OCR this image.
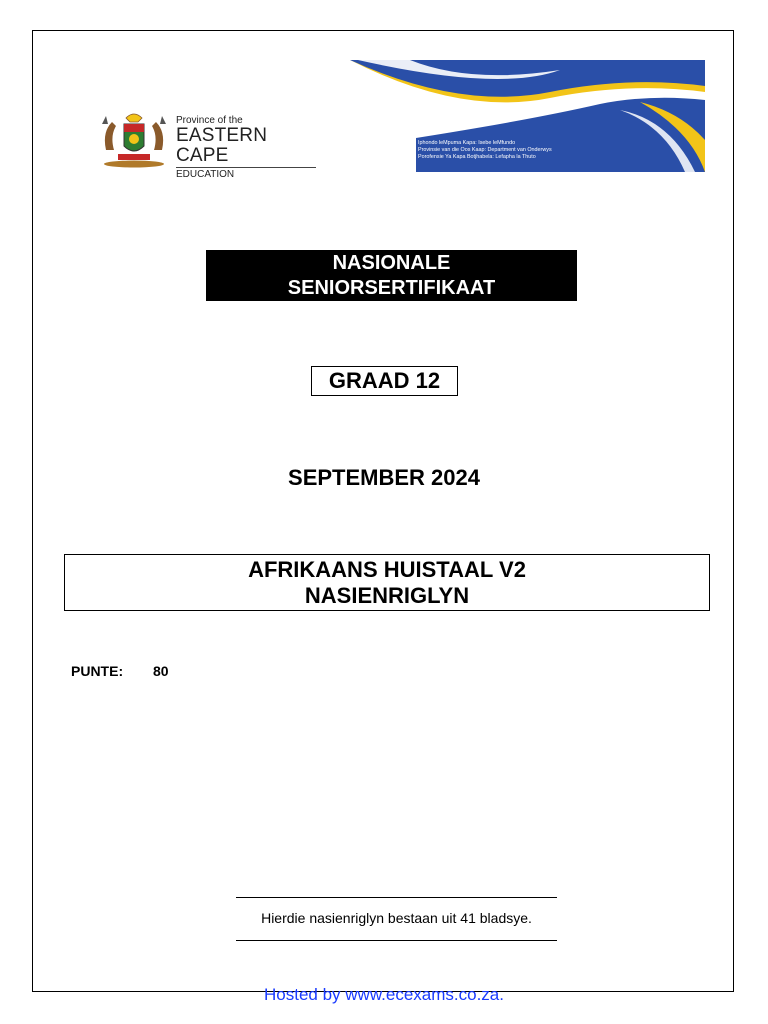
Province of the
EASTERN CAPE
EDUCATION
Iphondo leMpuma Kapa: Isebe leMfundo
Provinsie van die Oos Kaap: Department van Onderwys
Porofensie Ya Kapa Botjhabela: Lefapha la Thuto
NASIONALE
SENIORSERTIFIKAAT
GRAAD 12
SEPTEMBER 2024
AFRIKAANS HUISTAAL V2
NASIENRIGLYN
PUNTE: 80
Hierdie nasienriglyn bestaan uit 41 bladsye.
Hosted by www.ecexams.co.za.
